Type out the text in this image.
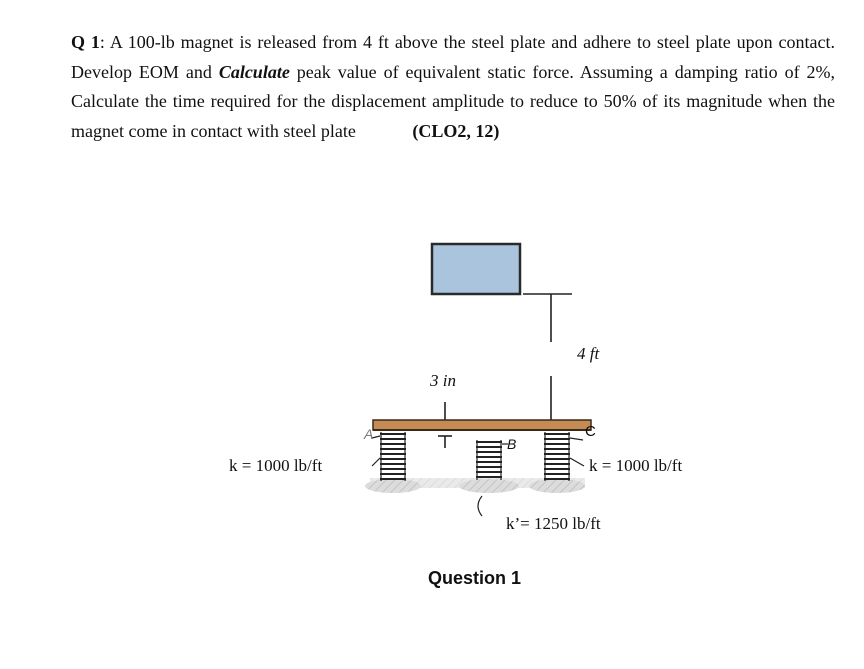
Q 1: A 100-lb magnet is released from 4 ft above the steel plate and adhere to steel plate upon contact. Develop EOM and Calculate peak value of equivalent static force. Assuming a damping ratio of 2%, Calculate the time required for the displacement amplitude to reduce to 50% of its magnitude when the magnet come in contact with steel plate	(CLO2, 12)
4 ft
3 in
A
B
C
k = 1000 lb/ft	k = 1000 lb/ft
k’= 1250 lb/ft
Question 1
